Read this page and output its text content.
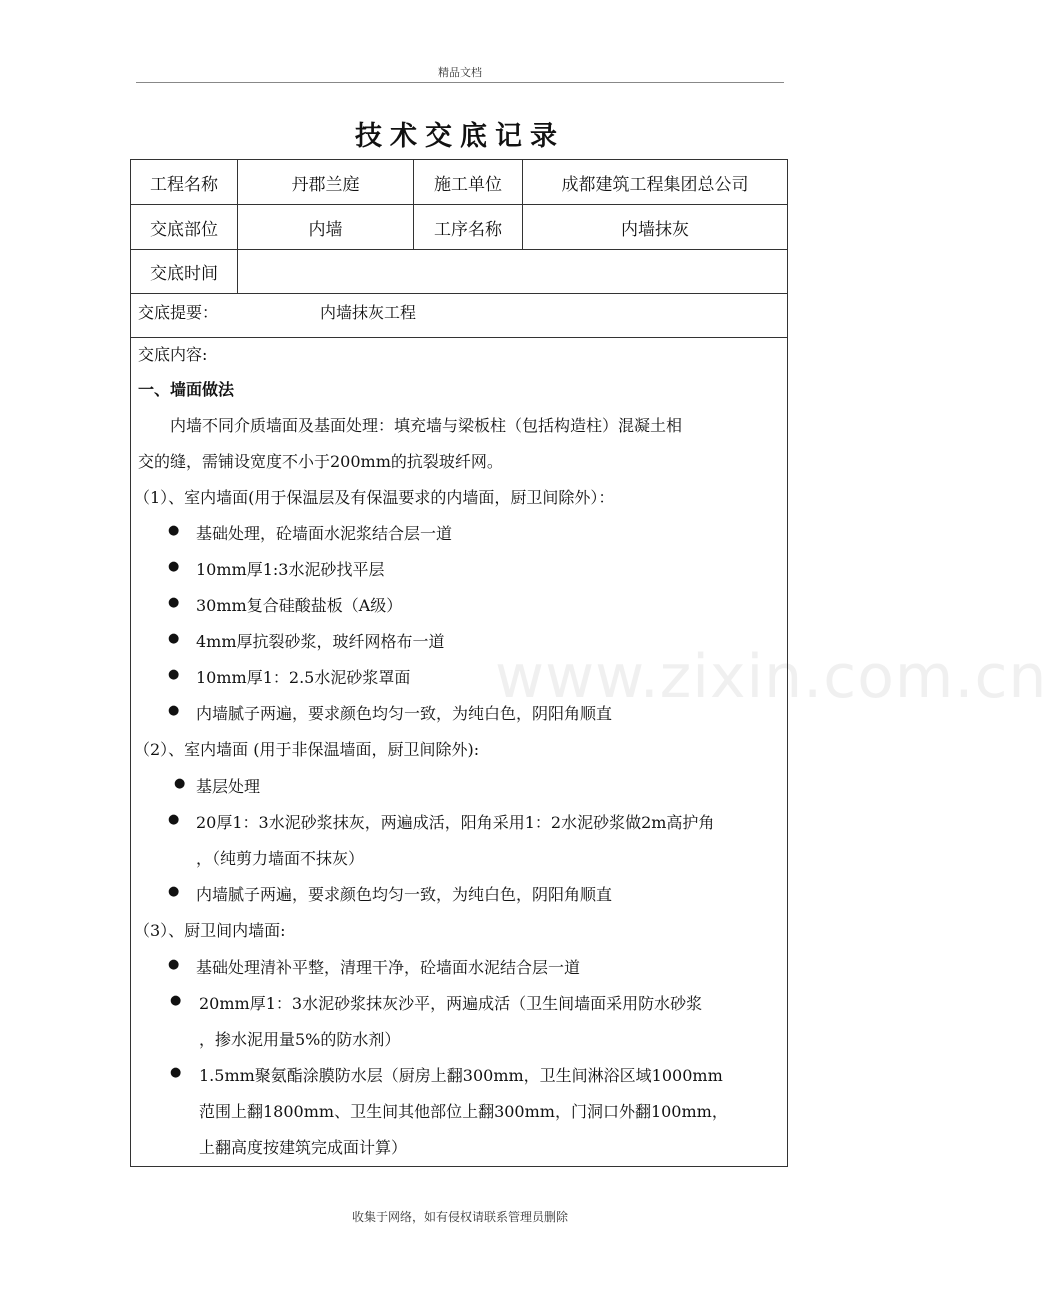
精品文档
技术交底记录
www.zixin.com.cn
工程名称	丹郡兰庭	施工单位	成都建筑工程集团总公司
交底部位	内墙	工序名称	内墙抹灰
交底时间
交底提要：	内墙抹灰工程
交底内容:
一、墙面做法
内墙不同介质墙面及基面处理：填充墙与梁板柱（包括构造柱）混凝土相
交的缝，需铺设宽度不小于200mm的抗裂玻纤网。
（1）、室内墙面(用于保温层及有保温要求的内墙面，厨卫间除外）：
● 基础处理，砼墙面水泥浆结合层一道
● 10mm厚1:3水泥砂找平层
● 30mm复合硅酸盐板（A级）
● 4mm厚抗裂砂浆，玻纤网格布一道
● 10mm厚1：2.5水泥砂浆罩面
● 内墙腻子两遍，要求颜色均匀一致，为纯白色，阴阳角顺直
（2）、室内墙面 (用于非保温墙面，厨卫间除外):
● 基层处理
● 20厚1：3水泥砂浆抹灰，两遍成活，阳角采用1：2水泥砂浆做2m高护角
，（纯剪力墙面不抹灰）
● 内墙腻子两遍，要求颜色均匀一致，为纯白色，阴阳角顺直
（3）、厨卫间内墙面:
● 基础处理清补平整，清理干净，砼墙面水泥结合层一道
● 20mm厚1：3水泥砂浆抹灰沙平，两遍成活（卫生间墙面采用防水砂浆
，掺水泥用量5%的防水剂）
● 1.5mm聚氨酯涂膜防水层（厨房上翻300mm，卫生间淋浴区域1000mm
范围上翻1800mm、卫生间其他部位上翻300mm，门洞口外翻100mm，
上翻高度按建筑完成面计算）
收集于网络，如有侵权请联系管理员删除
